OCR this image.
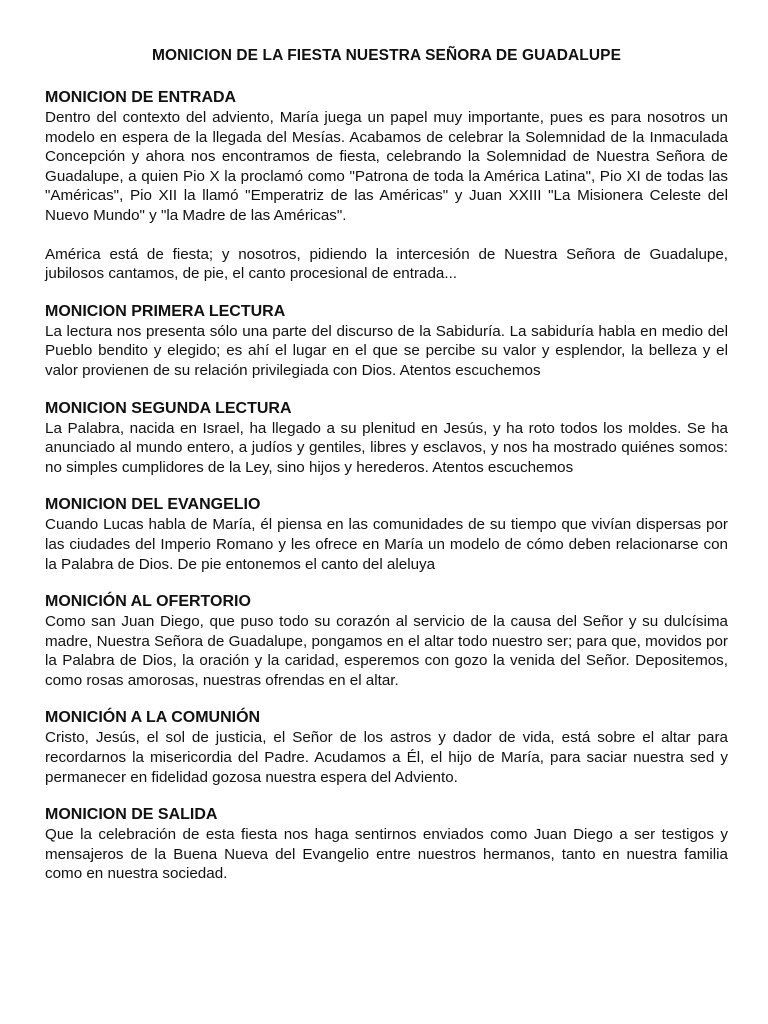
MONICION DE LA FIESTA NUESTRA SEÑORA DE GUADALUPE
MONICION DE ENTRADA

Dentro del contexto del adviento, María juega un papel muy importante, pues es para nosotros un modelo en espera de la llegada del Mesías. Acabamos de celebrar la Solemnidad de la Inmaculada Concepción y ahora nos encontramos de fiesta, celebrando la Solemnidad de Nuestra Señora de Guadalupe, a quien Pio X la proclamó como "Patrona de toda la América Latina", Pio XI de todas las "Américas", Pio XII la llamó "Emperatriz de las Américas" y Juan XXIII "La Misionera Celeste del Nuevo Mundo" y "la Madre de las Américas".

América está de fiesta; y nosotros, pidiendo la intercesión de Nuestra Señora de Guadalupe, jubilosos cantamos, de pie, el canto procesional de entrada...

MONICION PRIMERA LECTURA

La lectura nos presenta sólo una parte del discurso de la Sabiduría. La sabiduría habla en medio del Pueblo bendito y elegido; es ahí el lugar en el que se percibe su valor y esplendor, la belleza y el valor provienen de su relación privilegiada con Dios. Atentos escuchemos

MONICION SEGUNDA LECTURA

La Palabra, nacida en Israel, ha llegado a su plenitud en Jesús, y ha roto todos los moldes. Se ha anunciado al mundo entero, a judíos y gentiles, libres y esclavos, y nos ha mostrado quiénes somos: no simples cumplidores de la Ley, sino hijos y herederos. Atentos escuchemos

MONICION DEL EVANGELIO

Cuando Lucas habla de María, él piensa en las comunidades de su tiempo que vivían dispersas por las ciudades del Imperio Romano y les ofrece en María un modelo de cómo deben relacionarse con la Palabra de Dios. De pie entonemos el canto del aleluya

MONICIÓN AL OFERTORIO

Como san Juan Diego, que puso todo su corazón al servicio de la causa del Señor y su dulcísima madre, Nuestra Señora de Guadalupe, pongamos en el altar todo nuestro ser; para que, movidos por la Palabra de Dios, la oración y la caridad, esperemos con gozo la venida del Señor. Depositemos, como rosas amorosas, nuestras ofrendas en el altar.

MONICIÓN A LA COMUNIÓN

Cristo, Jesús, el sol de justicia, el Señor de los astros y dador de vida, está sobre el altar para recordarnos la misericordia del Padre. Acudamos a Él, el hijo de María, para saciar nuestra sed y permanecer en fidelidad gozosa nuestra espera del Adviento.

MONICION DE SALIDA

Que la celebración de esta fiesta nos haga sentirnos enviados como Juan Diego a ser testigos y mensajeros de la Buena Nueva del Evangelio entre nuestros hermanos, tanto en nuestra familia como en nuestra sociedad.
